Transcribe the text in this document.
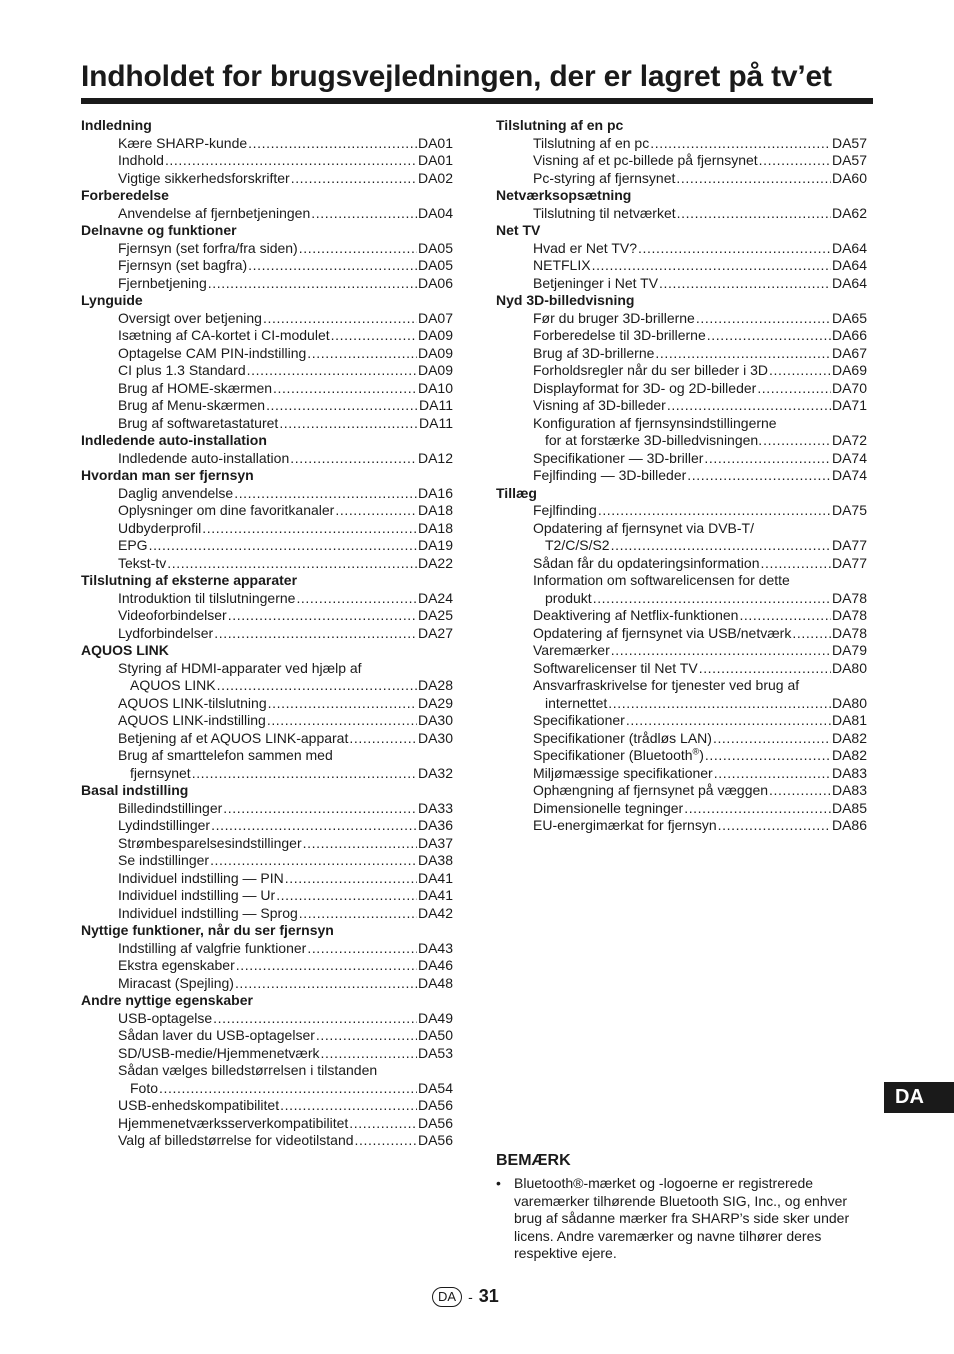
Indholdet for brugsvejledningen, der er lagret på tv’et
Indledning
Kære SHARP-kunde .....	DA01
Indhold .....	DA01
Vigtige sikkerhedsforskrifter .....	DA02
Forberedelse
Anvendelse af fjernbetjeningen .....	DA04
Delnavne og funktioner
Fjernsyn (set forfra/fra siden) .....	DA05
Fjernsyn (set bagfra) .....	DA05
Fjernbetjening .....	DA06
Lynguide
Oversigt over betjening .....	DA07
Isætning af CA-kortet i CI-modulet .....	DA09
Optagelse CAM PIN-indstilling .....	DA09
CI plus 1.3 Standard .....	DA09
Brug af HOME-skærmen .....	DA10
Brug af Menu-skærmen .....	DA11
Brug af softwaretastaturet .....	DA11
Indledende auto-installation
Indledende auto-installation .....	DA12
Hvordan man ser fjernsyn
Daglig anvendelse .....	DA16
Oplysninger om dine favoritkanaler .....	DA18
Udbyderprofil .....	DA18
EPG .....	DA19
Tekst-tv .....	DA22
Tilslutning af eksterne apparater
Introduktion til tilslutningerne .....	DA24
Videoforbindelser .....	DA25
Lydforbindelser .....	DA27
AQUOS LINK
Styring af HDMI-apparater ved hjælp af
AQUOS LINK .....	DA28
AQUOS LINK-tilslutning .....	DA29
AQUOS LINK-indstilling .....	DA30
Betjening af et AQUOS LINK-apparat .....	DA30
Brug af smarttelefon sammen med
fjernsynet .....	DA32
Basal indstilling
Billedindstillinger .....	DA33
Lydindstillinger .....	DA36
Strømbesparelsesindstillinger .....	DA37
Se indstillinger .....	DA38
Individuel indstilling — PIN .....	DA41
Individuel indstilling — Ur .....	DA41
Individuel indstilling — Sprog .....	DA42
Nyttige funktioner, når du ser fjernsyn
Indstilling af valgfrie funktioner .....	DA43
Ekstra egenskaber .....	DA46
Miracast (Spejling) .....	DA48
Andre nyttige egenskaber
USB-optagelse .....	DA49
Sådan laver du USB-optagelser .....	DA50
SD/USB-medie/Hjemmenetværk .....	DA53
Sådan vælges billedstørrelsen i tilstanden
Foto .....	DA54
USB-enhedskompatibilitet .....	DA56
Hjemmenetværksserverkompatibilitet .....	DA56
Valg af billedstørrelse for videotilstand .....	DA56
Tilslutning af en pc
Tilslutning af en pc .....	DA57
Visning af et pc-billede på fjernsynet .....	DA57
Pc-styring af fjernsynet .....	DA60
Netværksopsætning
Tilslutning til netværket .....	DA62
Net TV
Hvad er Net TV? .....	DA64
NETFLIX .....	DA64
Betjeninger i Net TV .....	DA64
Nyd 3D-billedvisning
Før du bruger 3D-brillerne .....	DA65
Forberedelse til 3D-brillerne .....	DA66
Brug af 3D-brillerne .....	DA67
Forholdsregler når du ser billeder i 3D .....	DA69
Displayformat for 3D- og 2D-billeder .....	DA70
Visning af 3D-billeder .....	DA71
Konfiguration af fjernsynsindstillingerne
for at forstærke 3D-billedvisningen. .....	DA72
Specifikationer — 3D-briller .....	DA74
Fejlfinding — 3D-billeder .....	DA74
Tillæg
Fejlfinding .....	DA75
Opdatering af fjernsynet via DVB-T/
T2/C/S/S2 .....	DA77
Sådan får du opdateringsinformation .....	DA77
Information om softwarelicensen for dette
produkt .....	DA78
Deaktivering af Netflix-funktionen .....	DA78
Opdatering af fjernsynet via USB/netværk .....	DA78
Varemærker .....	DA79
Softwarelicenser til Net TV .....	DA80
Ansvarfraskrivelse for tjenester ved brug af
internettet .....	DA80
Specifikationer .....	DA81
Specifikationer (trådløs LAN) .....	DA82
Specifikationer (Bluetooth®) .....	DA82
Miljømæssige specifikationer .....	DA83
Ophængning af fjernsynet på væggen .....	DA83
Dimensionelle tegninger .....	DA85
EU-energimærkat for fjernsyn .....	DA86
DA
BEMÆRK
• Bluetooth®-mærket og -logoerne er registrerede varemærker tilhørende Bluetooth SIG, Inc., og enhver brug af sådanne mærker fra SHARP’s side sker under licens. Andre varemærker og navne tilhører deres respektive ejere.
DA - 31
